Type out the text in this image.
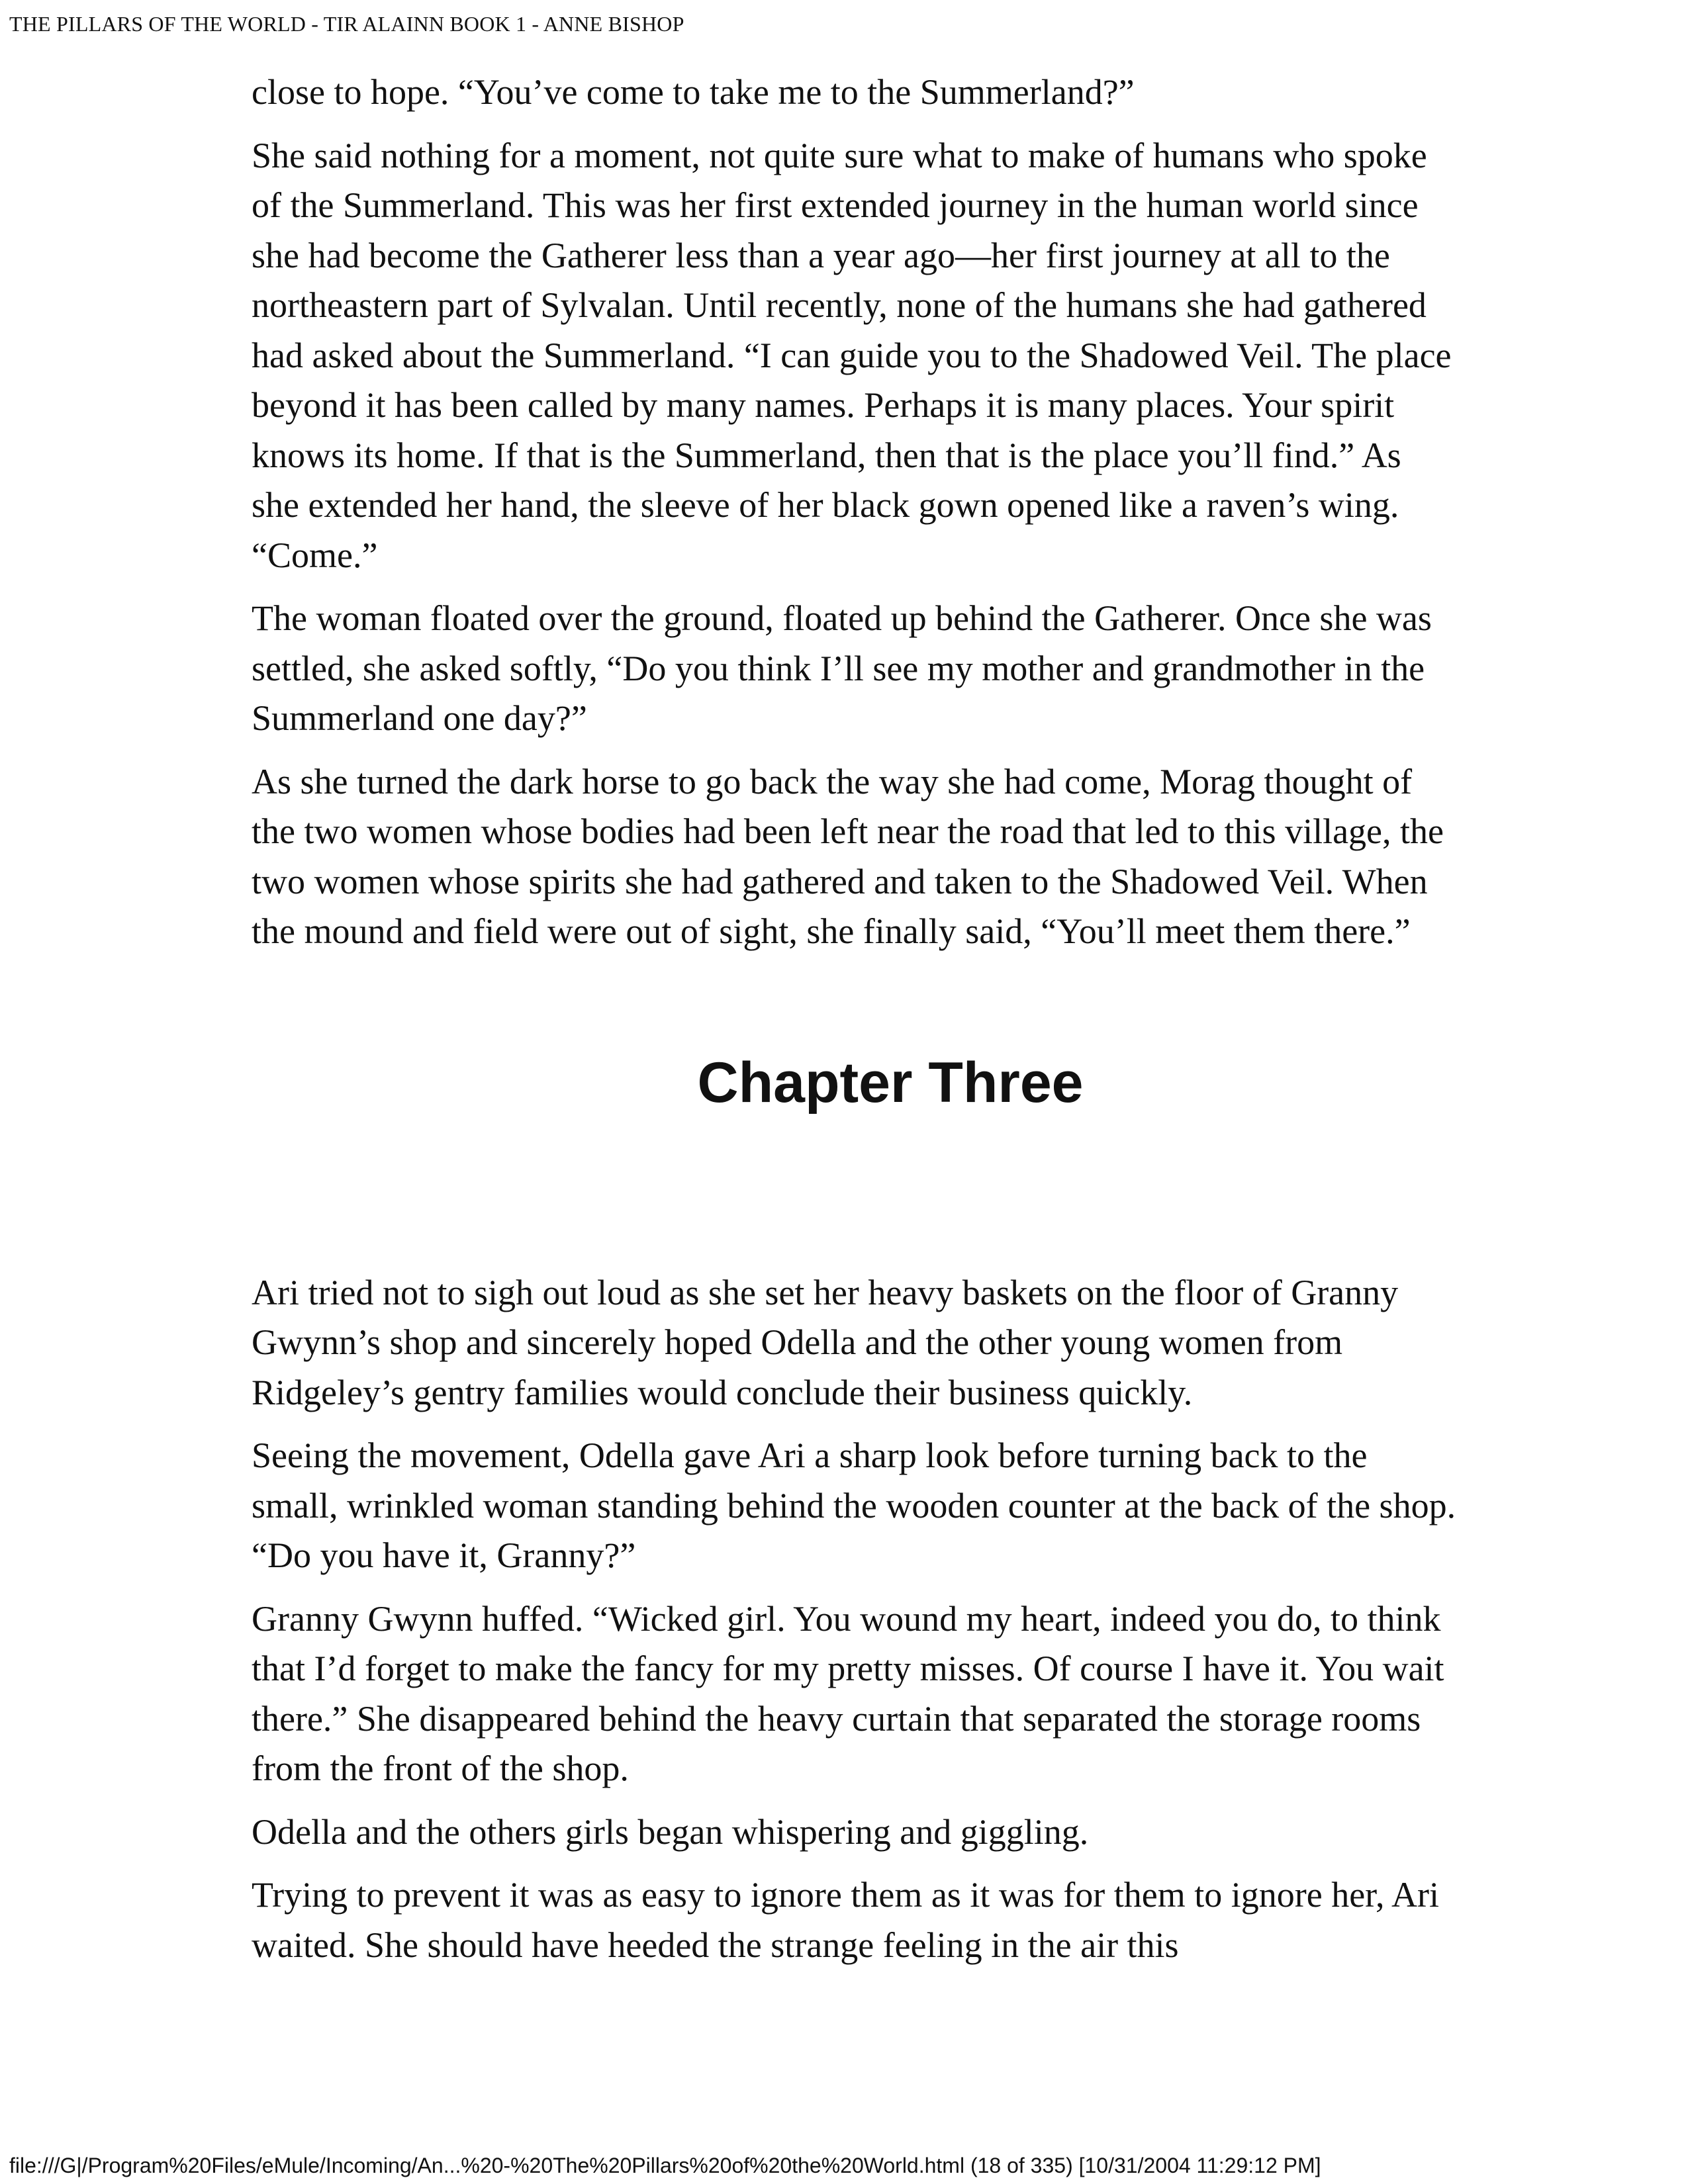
THE PILLARS OF THE WORLD - TIR ALAINN BOOK 1 - ANNE BISHOP

close to hope. “You’ve come to take me to the Summerland?”

She said nothing for a moment, not quite sure what to make of humans who spoke of the Summerland. This was her first extended journey in the human world since she had become the Gatherer less than a year ago—her first journey at all to the northeastern part of Sylvalan. Until recently, none of the humans she had gathered had asked about the Summerland. “I can guide you to the Shadowed Veil. The place beyond it has been called by many names. Perhaps it is many places. Your spirit knows its home. If that is the Summerland, then that is the place you’ll find.” As she extended her hand, the sleeve of her black gown opened like a raven’s wing. “Come.”

The woman floated over the ground, floated up behind the Gatherer. Once she was settled, she asked softly, “Do you think I’ll see my mother and grandmother in the Summerland one day?”

As she turned the dark horse to go back the way she had come, Morag thought of the two women whose bodies had been left near the road that led to this village, the two women whose spirits she had gathered and taken to the Shadowed Veil. When the mound and field were out of sight, she finally said, “You’ll meet them there.”

Chapter Three

Ari tried not to sigh out loud as she set her heavy baskets on the floor of Granny Gwynn’s shop and sincerely hoped Odella and the other young women from Ridgeley’s gentry families would conclude their business quickly.

Seeing the movement, Odella gave Ari a sharp look before turning back to the small, wrinkled woman standing behind the wooden counter at the back of the shop. “Do you have it, Granny?”

Granny Gwynn huffed. “Wicked girl. You wound my heart, indeed you do, to think that I’d forget to make the fancy for my pretty misses. Of course I have it. You wait there.” She disappeared behind the heavy curtain that separated the storage rooms from the front of the shop.

Odella and the others girls began whispering and giggling.

Trying to prevent it was as easy to ignore them as it was for them to ignore her, Ari waited. She should have heeded the strange feeling in the air this

file:///G|/Program%20Files/eMule/Incoming/An...%20-%20The%20Pillars%20of%20the%20World.html (18 of 335) [10/31/2004 11:29:12 PM]
